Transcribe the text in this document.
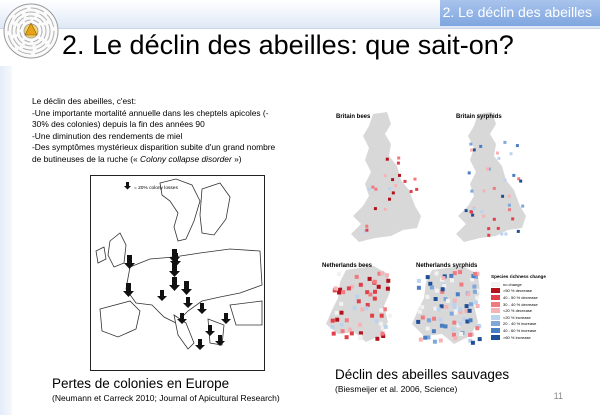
2. Le déclin des abeilles
2. Le déclin des abeilles: que sait-on?
Le déclin des abeilles, c'est:
-Une importante mortalité annuelle dans les cheptels apicoles (-
30% des colonies) depuis la fin des années 90
-Une diminution des rendements de miel
-Des symptômes mystérieux disparition subite d'un grand nombre
de butineuses de la ruche (« Colony collapse disorder »)
= 20% colony losses
Pertes de colonies en Europe
(Neumann et Carreck 2010; Journal of Apicultural Research)
Britain bees	Britain syrphids
Netherlands bees	Netherlands syrphids
Species richness change
no change
>50 % decrease
40 - 50 % decrease
30 - 40 % decrease
<20 % decrease
<20 % increase
20 - 40 % increase
40 - 60 % increase
>60 % increase
Déclin des abeilles sauvages
(Biesmeijer et al. 2006, Science)
11
